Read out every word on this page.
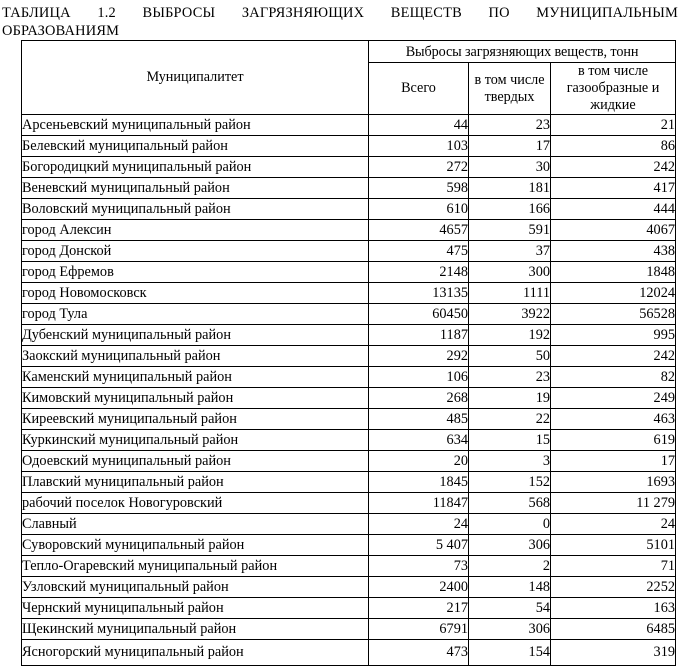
ТАБЛИЦА 1.2 ВЫБРОСЫ ЗАГРЯЗНЯЮЩИХ ВЕЩЕСТВ ПО МУНИЦИПАЛЬНЫМ
ОБРАЗОВАНИЯМ
Муниципалитет	Выбросы загрязняющих веществ, тонн		
	Всего	в том числе твердых	в том числе газообразные и жидкие
Арсеньевский муниципальный район	44	23	21
Белевский муниципальный район	103	17	86
Богородицкий муниципальный район	272	30	242
Веневский муниципальный район	598	181	417
Воловский муниципальный район	610	166	444
город Алексин	4657	591	4067
город Донской	475	37	438
город Ефремов	2148	300	1848
город Новомосковск	13135	1111	12024
город Тула	60450	3922	56528
Дубенский муниципальный район	1187	192	995
Заокский муниципальный район	292	50	242
Каменский муниципальный район	106	23	82
Кимовский муниципальный район	268	19	249
Киреевский муниципальный район	485	22	463
Куркинский муниципальный район	634	15	619
Одоевский муниципальный район	20	3	17
Плавский муниципальный район	1845	152	1693
рабочий поселок Новогуровский	11847	568	11 279
Славный	24	0	24
Суворовский муниципальный район	5 407	306	5101
Тепло-Огаревский муниципальный район	73	2	71
Узловский муниципальный район	2400	148	2252
Чернский муниципальный район	217	54	163
Щекинский муниципальный район	6791	306	6485
Ясногорский муниципальный район	473	154	319
